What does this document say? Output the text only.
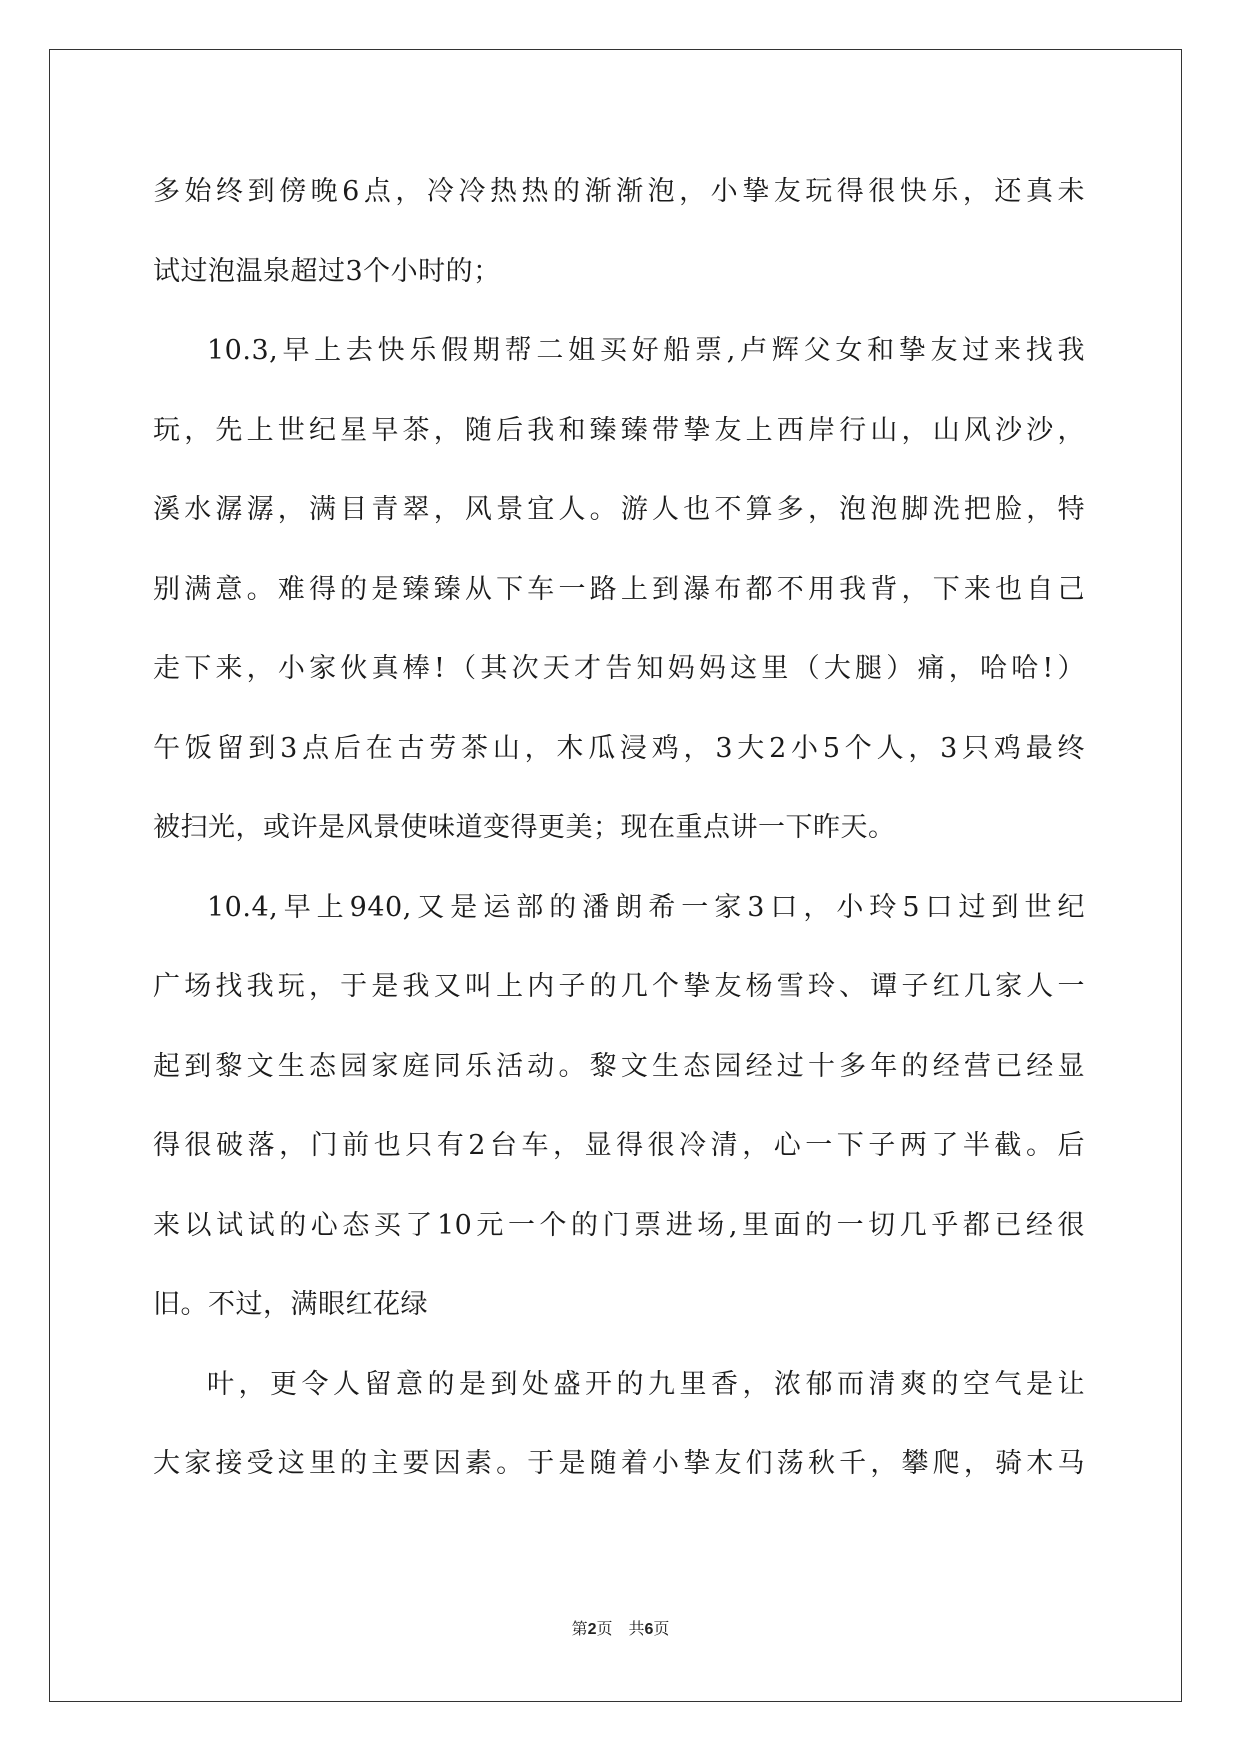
多始终到傍晚6点，冷冷热热的渐渐泡，小挚友玩得很快乐，还真未
试过泡温泉超过3个小时的；
10.3,早上去快乐假期帮二姐买好船票,卢辉父女和挚友过来找我
玩，先上世纪星早茶，随后我和臻臻带挚友上西岸行山，山风沙沙，
溪水潺潺，满目青翠，风景宜人。游人也不算多，泡泡脚洗把脸，特
别满意。难得的是臻臻从下车一路上到瀑布都不用我背，下来也自己
走下来，小家伙真棒!（其次天才告知妈妈这里（大腿）痛，哈哈!）
午饭留到3点后在古劳茶山，木瓜浸鸡，3大2小5个人，3只鸡最终
被扫光，或许是风景使味道变得更美；现在重点讲一下昨天。
10.4,早上940,又是运部的潘朗希一家3口，小玲5口过到世纪
广场找我玩，于是我又叫上内子的几个挚友杨雪玲、谭子红几家人一
起到黎文生态园家庭同乐活动。黎文生态园经过十多年的经营已经显
得很破落，门前也只有2台车，显得很冷清，心一下子两了半截。后
来以试试的心态买了10元一个的门票进场,里面的一切几乎都已经很
旧。不过，满眼红花绿
叶，更令人留意的是到处盛开的九里香，浓郁而清爽的空气是让
大家接受这里的主要因素。于是随着小挚友们荡秋千，攀爬，骑木马
第2页　共6页
